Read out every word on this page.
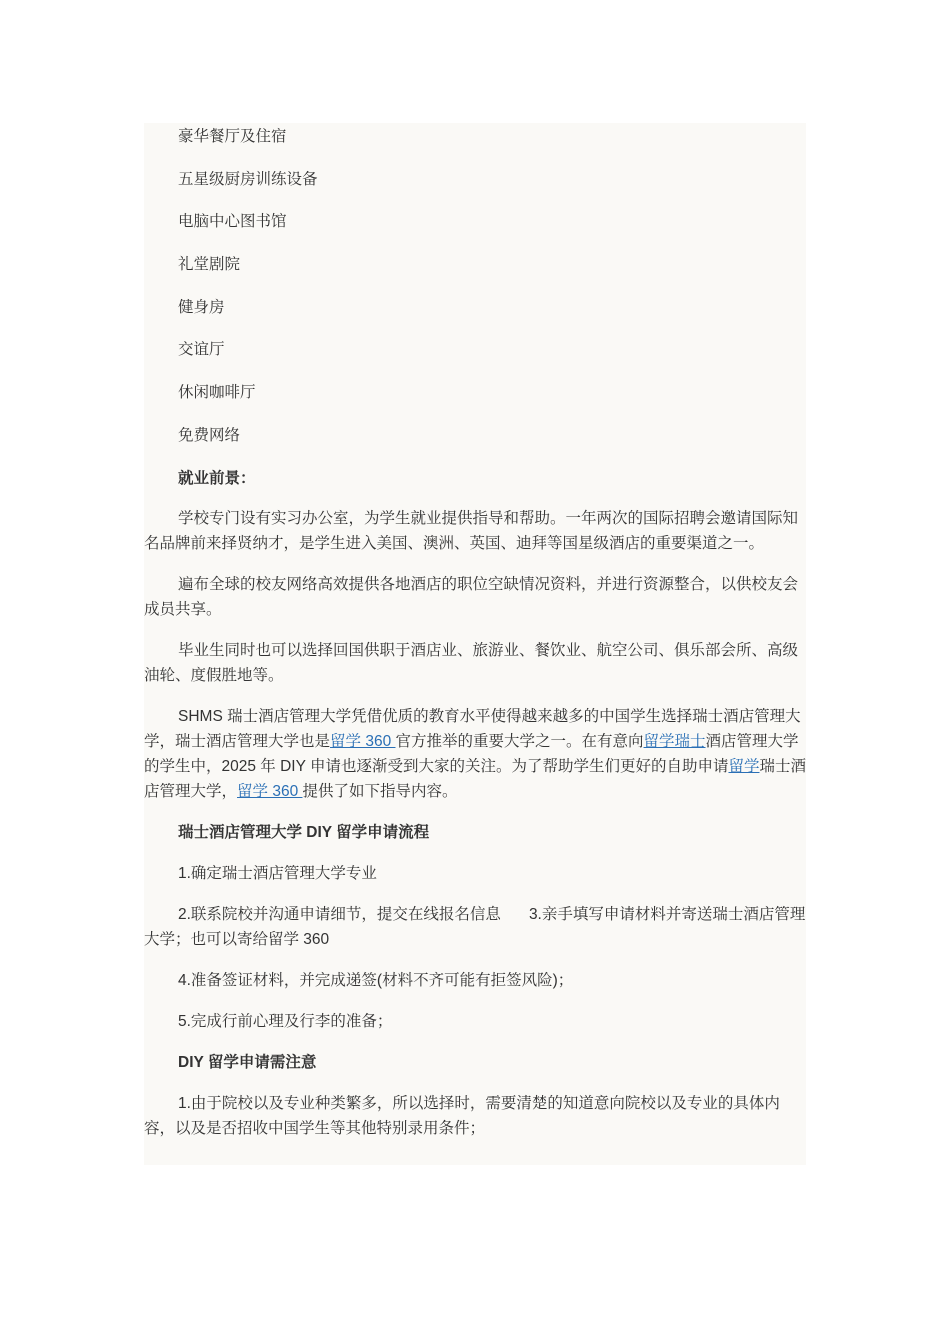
豪华餐厅及住宿

五星级厨房训练设备

电脑中心图书馆

礼堂剧院

健身房

交谊厅

休闲咖啡厅

免费网络

就业前景：

学校专门设有实习办公室，为学生就业提供指导和帮助。一年两次的国际招聘会邀请国际知名品牌前来择贤纳才，是学生进入美国、澳洲、英国、迪拜等国星级酒店的重要渠道之一。

遍布全球的校友网络高效提供各地酒店的职位空缺情况资料，并进行资源整合，以供校友会成员共享。

毕业生同时也可以选择回国供职于酒店业、旅游业、餐饮业、航空公司、俱乐部会所、高级油轮、度假胜地等。

SHMS 瑞士酒店管理大学凭借优质的教育水平使得越来越多的中国学生选择瑞士酒店管理大学，瑞士酒店管理大学也是留学 360 官方推举的重要大学之一。在有意向留学瑞士酒店管理大学的学生中，2025 年 DIY 申请也逐渐受到大家的关注。为了帮助学生们更好的自助申请留学瑞士酒店管理大学，留学 360 提供了如下指导内容。

瑞士酒店管理大学 DIY 留学申请流程

1.确定瑞士酒店管理大学专业

2.联系院校并沟通申请细节，提交在线报名信息 3.亲手填写申请材料并寄送瑞士酒店管理大学；也可以寄给留学 360

4.准备签证材料，并完成递签(材料不齐可能有拒签风险)；

5.完成行前心理及行李的准备；

DIY 留学申请需注意

1.由于院校以及专业种类繁多，所以选择时，需要清楚的知道意向院校以及专业的具体内容，以及是否招收中国学生等其他特别录用条件；
